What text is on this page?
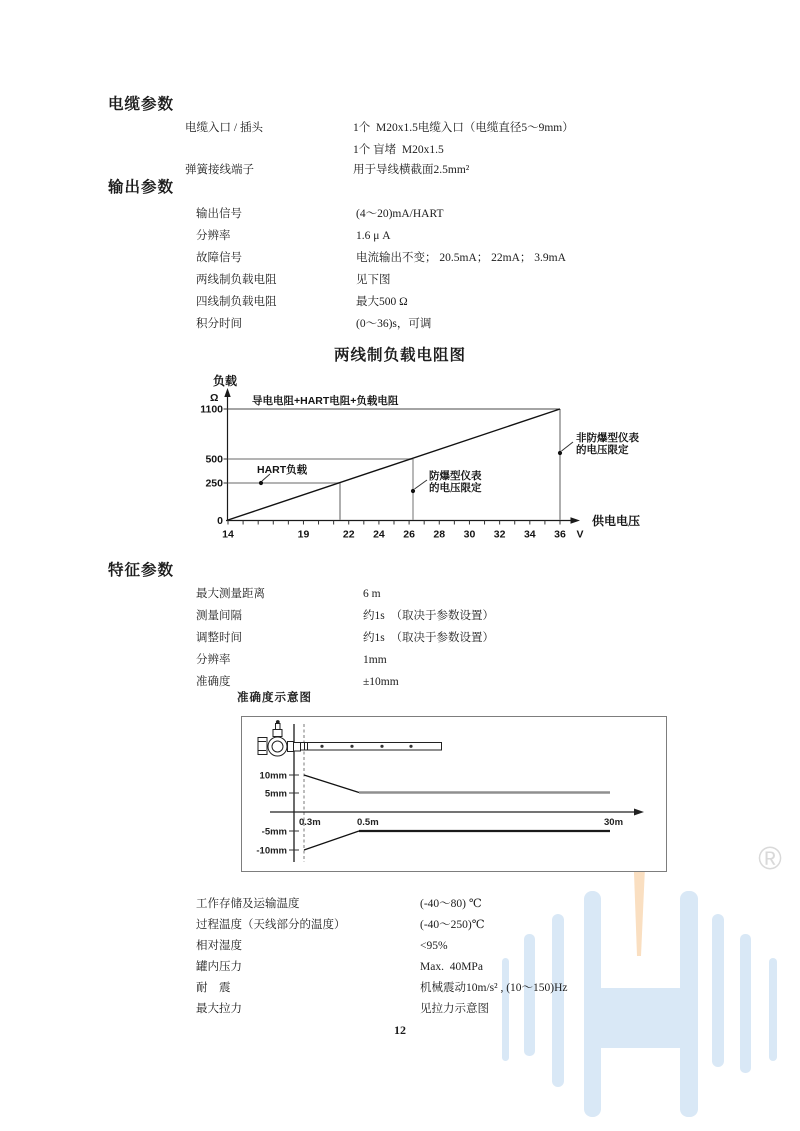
®
电缆参数
电缆入口 / 插头	1个  M20x1.5电缆入口（电缆直径5～9mm）
1个 盲堵  M20x1.5
弹簧接线端子	用于导线横截面2.5mm²
输出参数
输出信号	(4～20)mA/HART
分辨率	1.6 μ A
故障信号	电流输出不变； 20.5mA； 22mA； 3.9mA
两线制负载电阻	见下图
四线制负载电阻	最大500 Ω
积分时间	(0～36)s，可调
两线制负载电阻图
负载
Ω
1100
500
250
0
导电电阻+HART电阻+负载电阻
HART负载	防爆型仪表
的电压限定
非防爆型仪表
的电压限定
供电电压
V
14	19	22 24 26 28 30 32 34 36
特征参数
最大测量距离	6 m
测量间隔	约1s　（取决于参数设置）
调整时间	约1s　（取决于参数设置）
分辨率	1mm
准确度	±10mm
准确度示意图
10mm
5mm
-5mm
-10mm
0.3m	0.5m	30m
工作存储及运输温度	(-40～80) ℃
过程温度（天线部分的温度）	(-40～250)℃
相对湿度	<95%
罐内压力	Max.  40MPa
耐　震	机械震动10m/s² , (10～150)Hz
最大拉力	见拉力示意图
12
